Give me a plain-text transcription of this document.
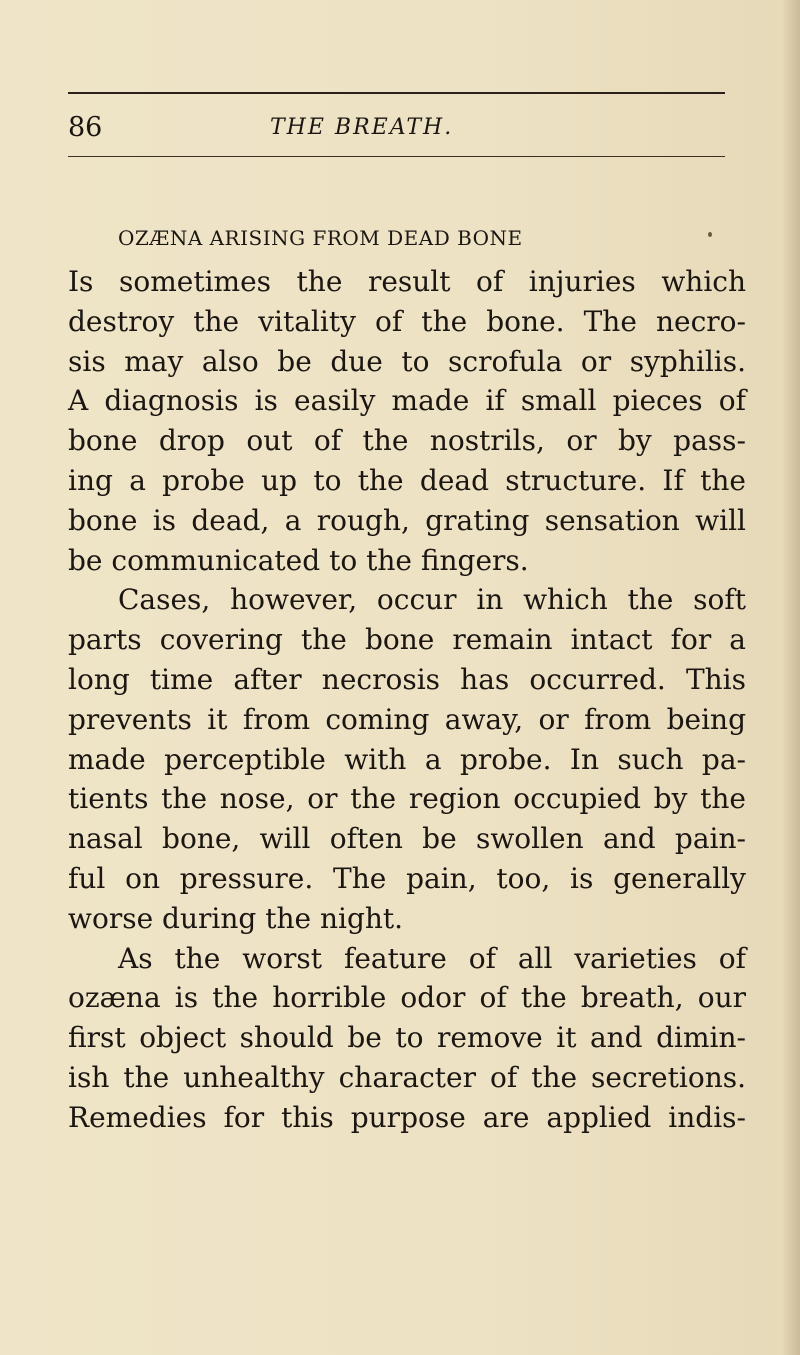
86	THE BREATH.
OZÆNA ARISING FROM DEAD BONE
Is sometimes the result of injuries which
destroy the vitality of the bone. The necro-
sis may also be due to scrofula or syphilis.
A diagnosis is easily made if small pieces of
bone drop out of the nostrils, or by pass-
ing a probe up to the dead structure. If the
bone is dead, a rough, grating sensation will
be communicated to the fingers.
Cases, however, occur in which the soft
parts covering the bone remain intact for a
long time after necrosis has occurred. This
prevents it from coming away, or from being
made perceptible with a probe. In such pa-
tients the nose, or the region occupied by the
nasal bone, will often be swollen and pain-
ful on pressure. The pain, too, is generally
worse during the night.
As the worst feature of all varieties of
ozæna is the horrible odor of the breath, our
first object should be to remove it and dimin-
ish the unhealthy character of the secretions.
Remedies for this purpose are applied indis-
